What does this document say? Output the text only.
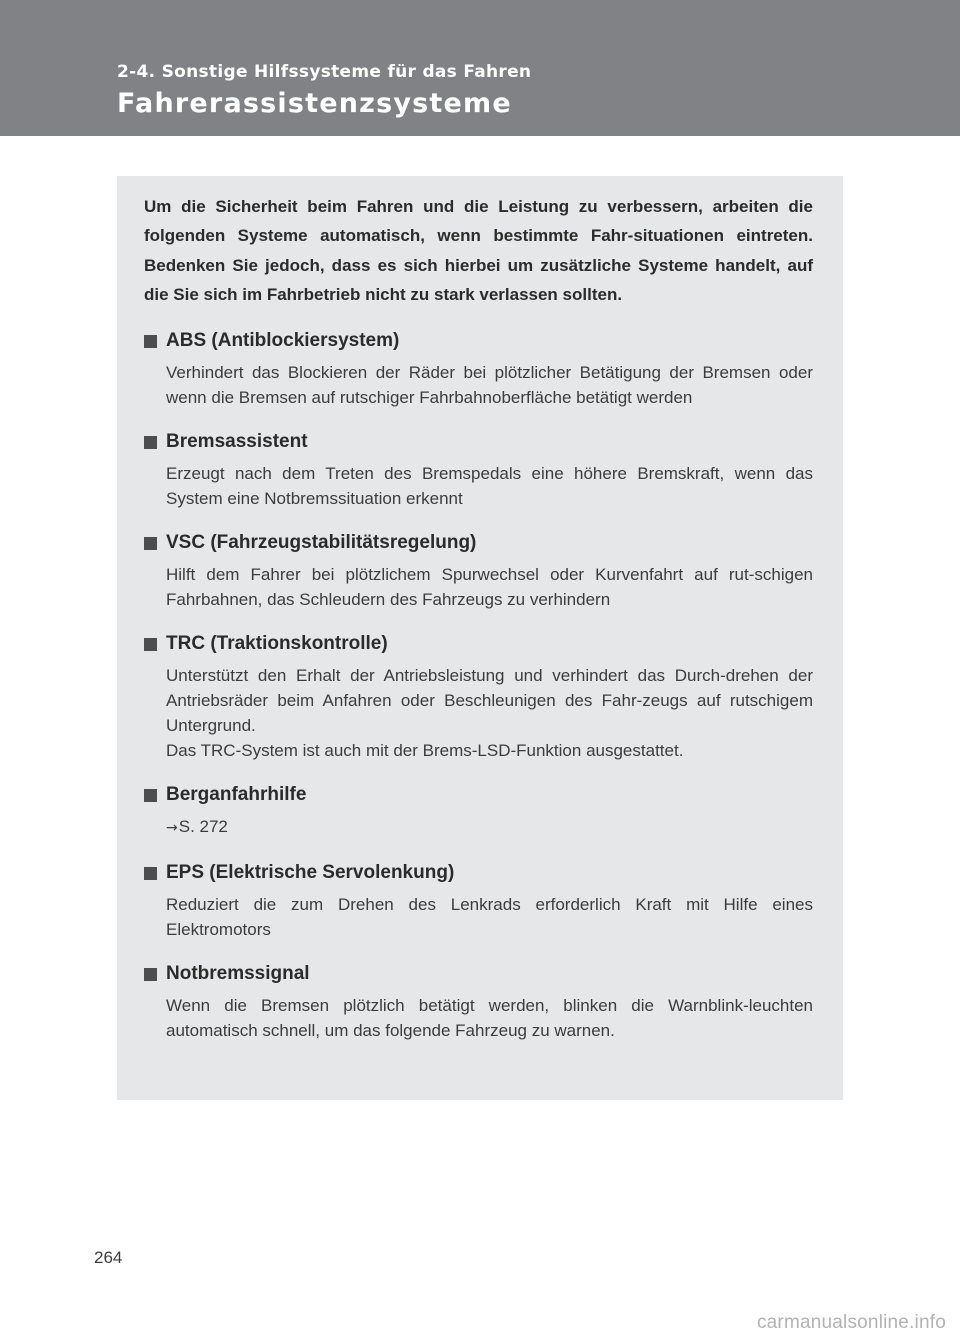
2-4. Sonstige Hilfssysteme für das Fahren
Fahrerassistenzsysteme

Um die Sicherheit beim Fahren und die Leistung zu verbessern, arbeiten die folgenden Systeme automatisch, wenn bestimmte Fahr-situationen eintreten. Bedenken Sie jedoch, dass es sich hierbei um zusätzliche Systeme handelt, auf die Sie sich im Fahrbetrieb nicht zu stark verlassen sollten.

ABS (Antiblockiersystem)

Verhindert das Blockieren der Räder bei plötzlicher Betätigung der Bremsen oder wenn die Bremsen auf rutschiger Fahrbahnoberfläche betätigt werden

Bremsassistent

Erzeugt nach dem Treten des Bremspedals eine höhere Bremskraft, wenn das System eine Notbremssituation erkennt

VSC (Fahrzeugstabilitätsregelung)

Hilft dem Fahrer bei plötzlichem Spurwechsel oder Kurvenfahrt auf rut-schigen Fahrbahnen, das Schleudern des Fahrzeugs zu verhindern

TRC (Traktionskontrolle)

Unterstützt den Erhalt der Antriebsleistung und verhindert das Durch-drehen der Antriebsräder beim Anfahren oder Beschleunigen des Fahr-zeugs auf rutschigem Untergrund.

Das TRC-System ist auch mit der Brems-LSD-Funktion ausgestattet.

Berganfahrhilfe

→S. 272

EPS (Elektrische Servolenkung)

Reduziert die zum Drehen des Lenkrads erforderlich Kraft mit Hilfe eines Elektromotors

Notbremssignal

Wenn die Bremsen plötzlich betätigt werden, blinken die Warnblink-leuchten automatisch schnell, um das folgende Fahrzeug zu warnen.

264
carmanualsonline.info
